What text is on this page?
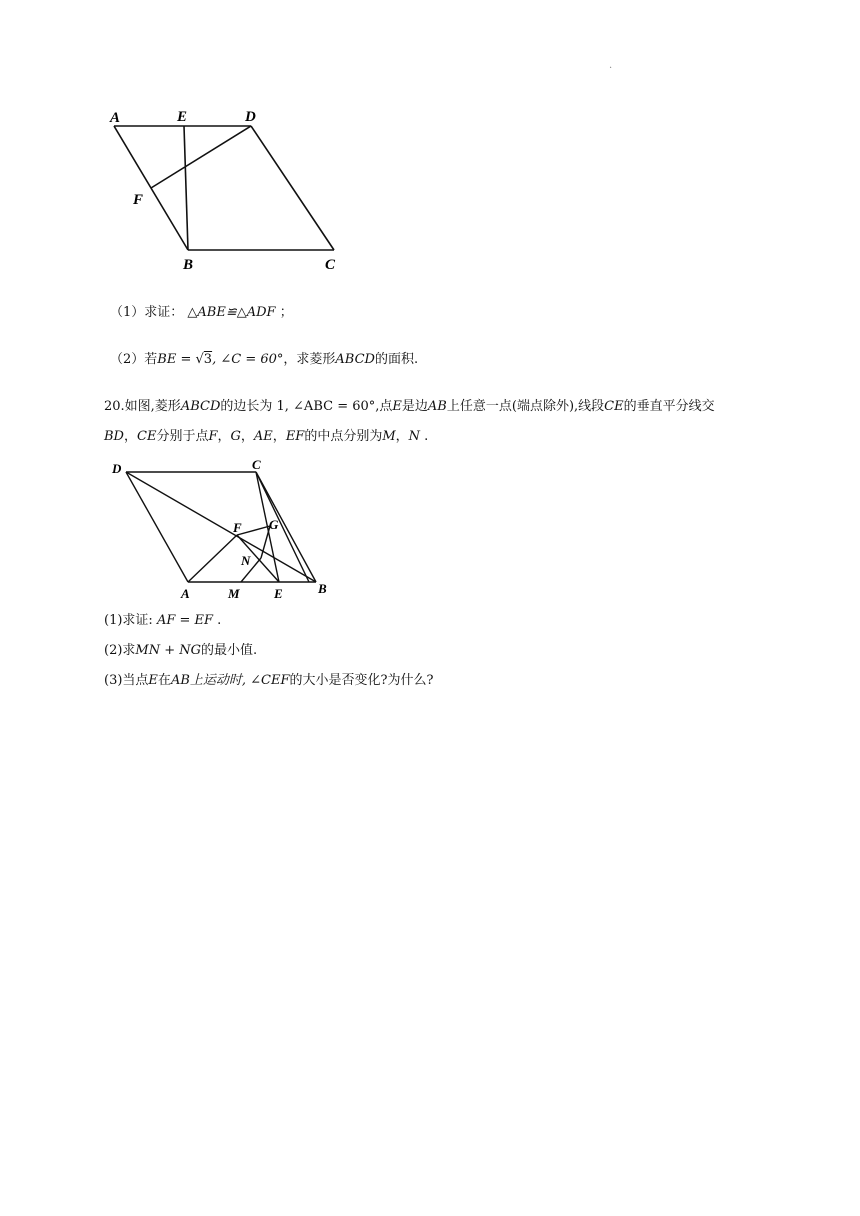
.
A	E	D
F
B	C
（1）求证： △ABE≌△ADF ；
（2）若BE = √3, ∠C = 60°，求菱形ABCD的面积.
20.如图,菱形ABCD的边长为 1, ∠ABC = 60°,点E是边AB上任意一点(端点除外),线段CE的垂直平分线交BD，CE分别于点F，G，AE，EF的中点分别为M，N .
D	C
F G
N
A	M	E	B
(1)求证: AF = EF .
(2)求MN + NG的最小值.
(3)当点E在AB上运动时, ∠CEF的大小是否变化?为什么?
